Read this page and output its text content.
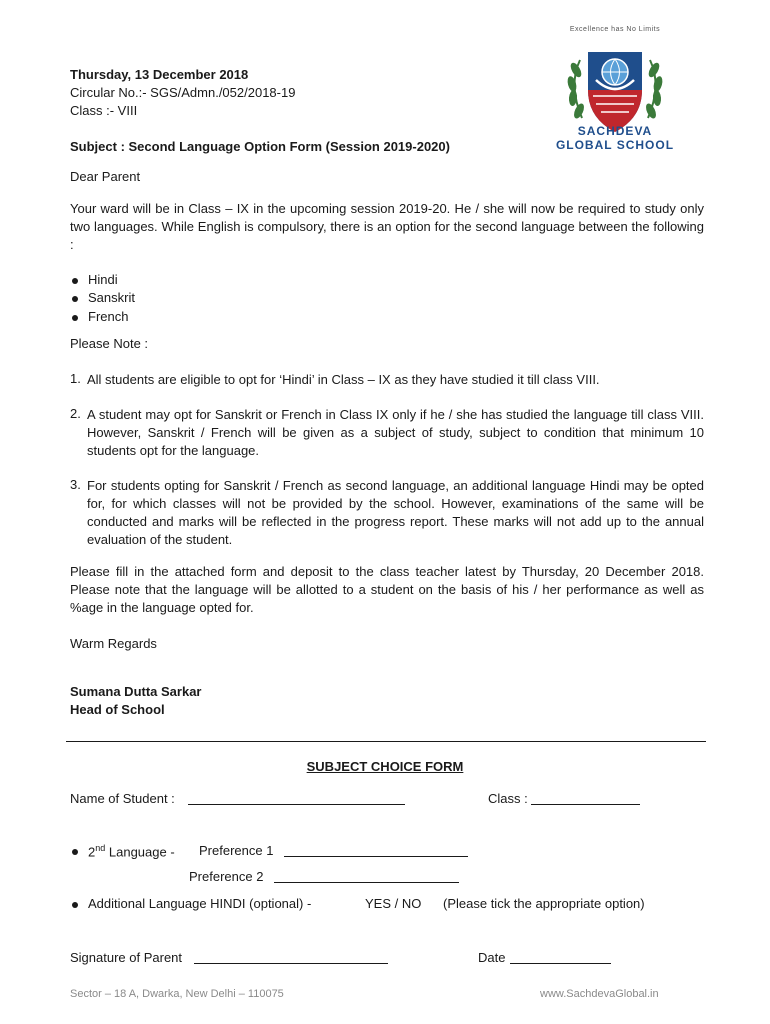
Thursday, 13 December 2018
Circular No.:- SGS/Admn./052/2018-19
Class :- VIII
Subject : Second Language Option Form (Session 2019-2020)
Excellence has No Limits
SACHDEVA
GLOBAL SCHOOL
Dear Parent
Your ward will be in Class – IX in the upcoming session 2019-20. He / she will now be required to study only two languages. While English is compulsory, there is an option for the second language between the following :
Hindi
Sanskrit
French
Please Note :
1. All students are eligible to opt for ‘Hindi’ in Class – IX as they have studied it till class VIII.
2. A student may opt for Sanskrit or French in Class IX only if he / she has studied the language till class VIII. However, Sanskrit / French will be given as a subject of study, subject to condition that minimum 10 students opt for the language.
3. For students opting for Sanskrit / French as second language, an additional language Hindi may be opted for, for which classes will not be provided by the school. However, examinations of the same will be conducted and marks will be reflected in the progress report. These marks will not add up to the annual evaluation of the student.
Please fill in the attached form and deposit to the class teacher latest by Thursday, 20 December 2018. Please note that the language will be allotted to a student on the basis of his / her performance as well as %age in the language opted for.
Warm Regards
Sumana Dutta Sarkar
Head of School
SUBJECT CHOICE FORM
Name of Student :	Class :
2nd Language - Preference 1
Preference 2
Additional Language HINDI (optional) -	YES / NO (Please tick the appropriate option)
Signature of Parent	Date
Sector – 18 A, Dwarka, New Delhi – 110075	www.SachdevaGlobal.in
